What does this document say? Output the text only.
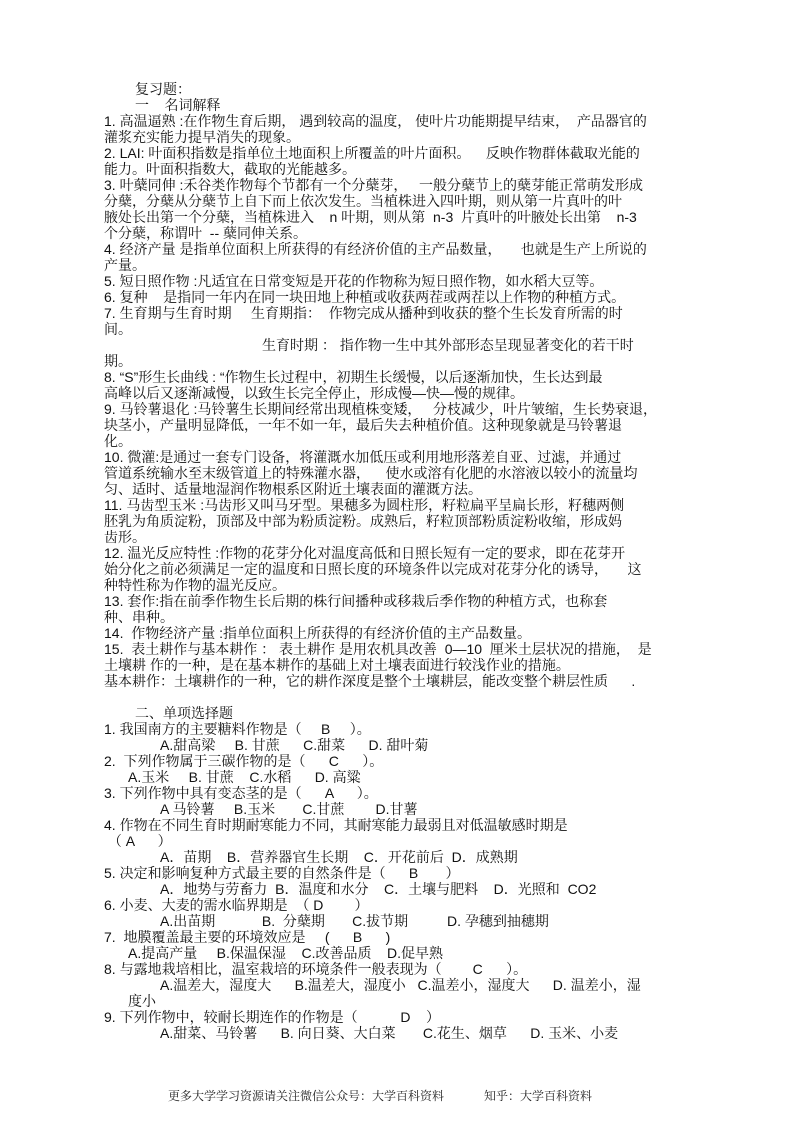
复习题：
一    名词解释
1. 高温逼熟 :在作物生育后期， 遇到较高的温度， 使叶片功能期提早结束，  产品器官的
灌浆充实能力提早消失的现象。
2. LAI: 叶面积指数是指单位土地面积上所覆盖的叶片面积。    反映作物群体截取光能的
能力。叶面积指数大，截取的光能越多。
3. 叶蘖同伸 :禾谷类作物每个节都有一个分蘖芽，   一般分蘖节上的蘖芽能正常萌发形成
分蘖，分蘖从分蘖节上自下而上依次发生。当植株进入四叶期，则从第一片真叶的叶
腋处长出第一个分蘖，当植株进入    n 叶期，则从第  n-3  片真叶的叶腋处长出第    n-3
个分蘖，称谓叶  -- 蘖同伸关系。
4. 经济产量 是指单位面积上所获得的有经济价值的主产品数量，     也就是生产上所说的
产量。
5. 短日照作物 :凡适宜在日常变短是开花的作物称为短日照作物，如水稻大豆等。
6. 复种    是指同一年内在同一块田地上种植或收获两茬或两茬以上作物的种植方式。
7. 生育期与生育时期     生育期指：  作物完成从播种到收获的整个生长发育所需的时
间。
生育时期 ： 指作物一生中其外部形态呈现显著变化的若干时
期。
8. “S”形生长曲线 : “作物生长过程中，初期生长缓慢，以后逐渐加快，生长达到最
高峰以后又逐渐减慢，以致生长完全停止，形成慢—快—慢的规律。
9. 马铃薯退化 :马铃薯生长期间经常出现植株变矮，   分枝减少，叶片皱缩，生长势衰退，
块茎小，产量明显降低，一年不如一年，最后失去种植价值。这种现象就是马铃薯退
化。
10. 微灌:是通过一套专门设备，将灌溉水加低压或利用地形落差自亚、过滤，并通过
管道系统输水至末级管道上的特殊灌水器，    使水或溶有化肥的水溶液以较小的流量均
匀、适时、适量地湿润作物根系区附近土壤表面的灌溉方法。
11. 马齿型玉米 :马齿形又叫马牙型。果穗多为圆柱形，籽粒扁平呈扁长形，籽穗两侧
胚乳为角质淀粉，顶部及中部为粉质淀粉。成熟后，籽粒顶部粉质淀粉收缩，形成妈
齿形。
12. 温光反应特性 :作物的花芽分化对温度高低和日照长短有一定的要求，即在花芽开
始分化之前必须满足一定的温度和日照长度的环境条件以完成对花芽分化的诱导，     这
种特性称为作物的温光反应。
13. 套作:指在前季作物生长后期的株行间播种或移栽后季作物的种植方式，也称套
种、串种。
14.  作物经济产量 :指单位面积上所获得的有经济价值的主产品数量。
15.  表土耕作与基本耕作 ： 表土耕作 是用农机具改善  0—10  厘米土层状况的措施，  是
土壤耕 作的一种，是在基本耕作的基础上对土壤表面进行较浅作业的措施。
基本耕作：土壤耕作的一种，它的耕作深度是整个土壤耕层，能改变整个耕层性质      .
二、单项选择题
1. 我国南方的主要糖料作物是（     B     ）。
A.甜高梁     B. 甘蔗      C.甜菜      D. 甜叶菊
2.  下列作物属于三碳作物的是（      C      ）。
A.玉米     B. 甘蔗    C.水稻      D. 高粱
3. 下列作物中具有变态茎的是（      A      ）。
A 马铃薯     B.玉米       C.甘蔗        D.甘薯
4. 作物在不同生育时期耐寒能力不同，其耐寒能力最弱且对低温敏感时期是
（ A      ）
A．苗期    B．营养器官生长期    C．开花前后  D．成熟期
5. 决定和影响复种方式最主要的自然条件是（      B       ）
A．地势与劳畜力  B．温度和水分    C．土壤与肥料    D．光照和  CO2
6. 小麦、大麦的需水临界期是  （ D        ）
A.出苗期            B.  分蘖期       C.拔节期          D. 孕穗到抽穗期
7.  地膜覆盖最主要的环境效应是     (      B      )
A.提高产量     B.保温保湿    C.改善品质    D.促早熟
8. 与露地栽培相比，温室栽培的环境条件一般表现为（        C      ）。
A.温差大，湿度大      B.温差大，湿度小   C.温差小，湿度大      D. 温差小，湿
度小
9. 下列作物中，较耐长期连作的作物是（           D    ）
A.甜菜、马铃薯      B. 向日葵、大白菜       C.花生、烟草      D. 玉米、小麦
更多大学学习资源请关注微信公众号：大学百科资料	知乎：大学百科资料
